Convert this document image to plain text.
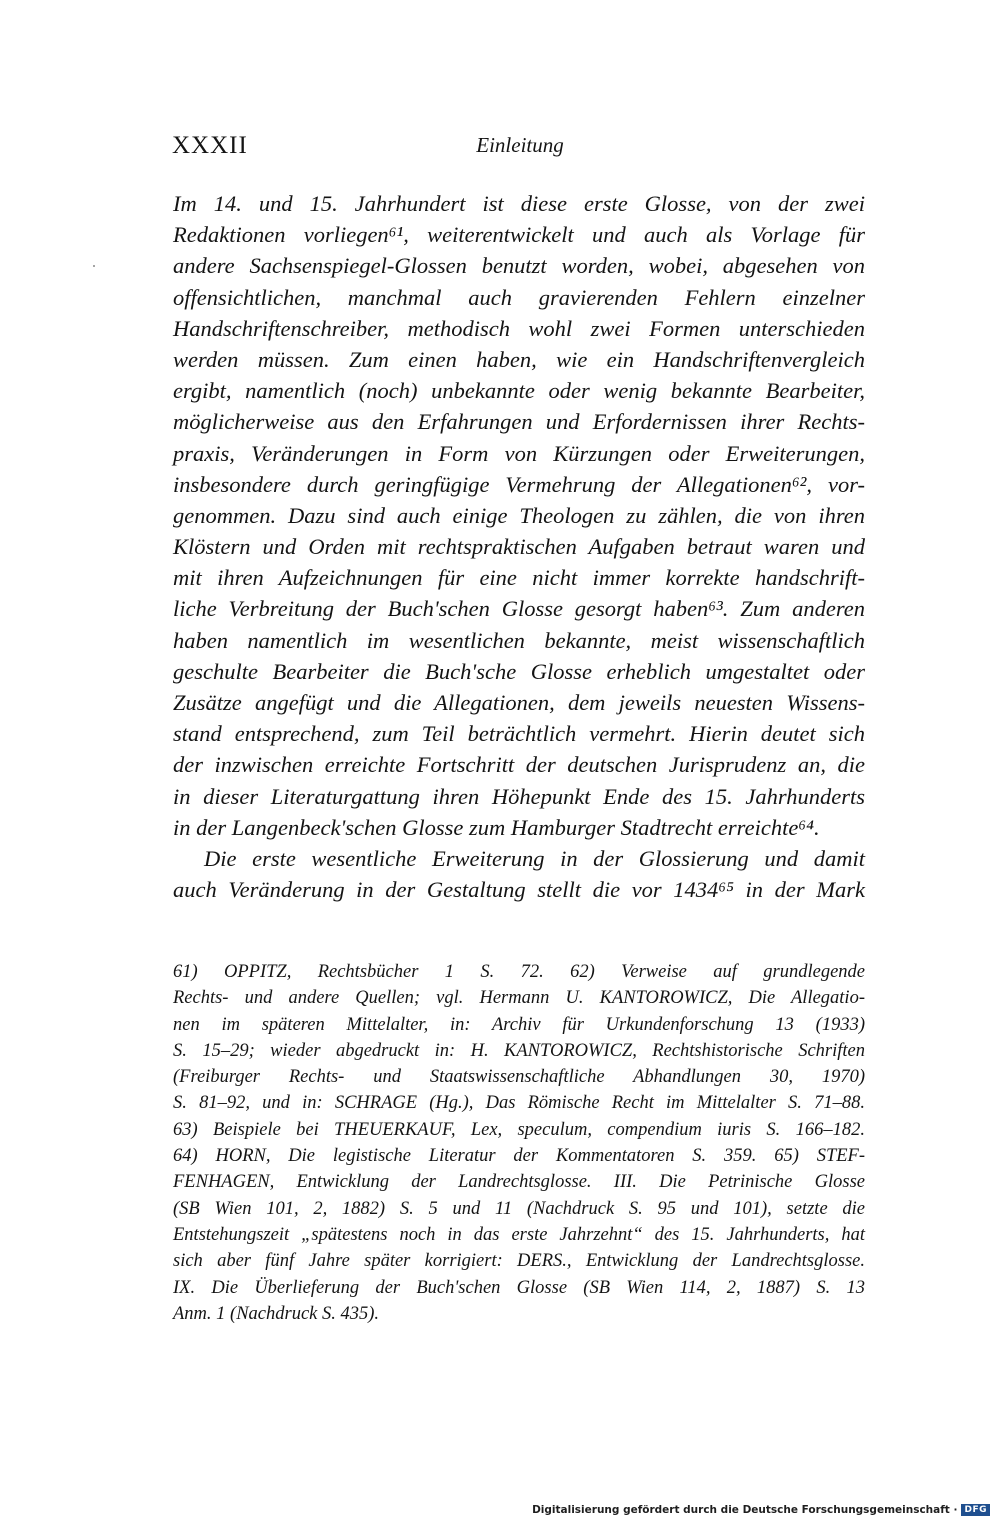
XXXII	Einleitung
Im 14. und 15. Jahrhundert ist diese erste Glosse, von der zwei
Redaktionen vorliegen⁶¹, weiterentwickelt und auch als Vorlage für
andere Sachsenspiegel-Glossen benutzt worden, wobei, abgesehen von
offensichtlichen, manchmal auch gravierenden Fehlern einzelner
Handschriftenschreiber, methodisch wohl zwei Formen unterschieden
werden müssen. Zum einen haben, wie ein Handschriftenvergleich
ergibt, namentlich (noch) unbekannte oder wenig bekannte Bearbeiter,
möglicherweise aus den Erfahrungen und Erfordernissen ihrer Rechts-
praxis, Veränderungen in Form von Kürzungen oder Erweiterungen,
insbesondere durch geringfügige Vermehrung der Allegationen⁶², vor-
genommen. Dazu sind auch einige Theologen zu zählen, die von ihren
Klöstern und Orden mit rechtspraktischen Aufgaben betraut waren und
mit ihren Aufzeichnungen für eine nicht immer korrekte handschrift-
liche Verbreitung der Buch'schen Glosse gesorgt haben⁶³. Zum anderen
haben namentlich im wesentlichen bekannte, meist wissenschaftlich
geschulte Bearbeiter die Buch'sche Glosse erheblich umgestaltet oder
Zusätze angefügt und die Allegationen, dem jeweils neuesten Wissens-
stand entsprechend, zum Teil beträchtlich vermehrt. Hierin deutet sich
der inzwischen erreichte Fortschritt der deutschen Jurisprudenz an, die
in dieser Literaturgattung ihren Höhepunkt Ende des 15. Jahrhunderts
in der Langenbeck'schen Glosse zum Hamburger Stadtrecht erreichte⁶⁴.
Die erste wesentliche Erweiterung in der Glossierung und damit
auch Veränderung in der Gestaltung stellt die vor 1434⁶⁵ in der Mark
61) OPPITZ, Rechtsbücher 1 S. 72. 62) Verweise auf grundlegende
Rechts- und andere Quellen; vgl. Hermann U. KANTOROWICZ, Die Allegatio-
nen im späteren Mittelalter, in: Archiv für Urkundenforschung 13 (1933)
S. 15–29; wieder abgedruckt in: H. KANTOROWICZ, Rechtshistorische Schriften
(Freiburger Rechts- und Staatswissenschaftliche Abhandlungen 30, 1970)
S. 81–92, und in: SCHRAGE (Hg.), Das Römische Recht im Mittelalter S. 71–88.
63) Beispiele bei THEUERKAUF, Lex, speculum, compendium iuris S. 166–182.
64) HORN, Die legistische Literatur der Kommentatoren S. 359. 65) STEF-
FENHAGEN, Entwicklung der Landrechtsglosse. III. Die Petrinische Glosse
(SB Wien 101, 2, 1882) S. 5 und 11 (Nachdruck S. 95 und 101), setzte die
Entstehungszeit „spätestens noch in das erste Jahrzehnt“ des 15. Jahrhunderts, hat
sich aber fünf Jahre später korrigiert: DERS., Entwicklung der Landrechtsglosse.
IX. Die Überlieferung der Buch'schen Glosse (SB Wien 114, 2, 1887) S. 13
Anm. 1 (Nachdruck S. 435).
Digitalisierung gefördert durch die Deutsche Forschungsgemeinschaft · DFG
